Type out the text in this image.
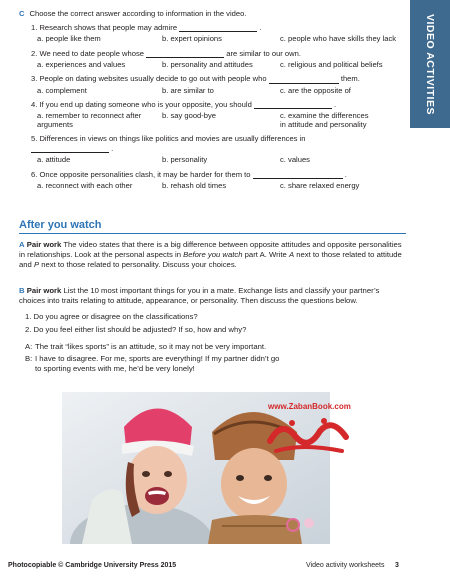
VIDEO ACTIVITIES
C Choose the correct answer according to information in the video.
1. Research shows that people may admire	.
a. people like them	b. expert opinions	c. people who have skills they lack
2. We need to date people whose	are similar to our own.
a. experiences and values	b. personality and attitudes	c. religious and political beliefs
3. People on dating websites usually decide to go out with people who	them.
a. complement	b. are similar to	c. are the opposite of
4. If you end up dating someone who is your opposite, you should	.
a. remember to reconnect after arguments
b. say good-bye	c. examine the differences in attitude and personality
5. Differences in views on things like politics and movies are usually differences in  .
a. attitude	b. personality	c. values
6. Once opposite personalities clash, it may be harder for them to	.
a. reconnect with each other	b. rehash old times	c. share relaxed energy
After you watch
A Pair work The video states that there is a big difference between opposite attitudes and opposite personalities in relationships. Look at the personal aspects in Before you watch part A. Write A next to those related to attitude and P next to those related to personality. Discuss your choices.
B Pair work List the 10 most important things for you in a mate. Exchange lists and classify your partner’s choices into traits relating to attitude, appearance, or personality. Then discuss the questions below.
1. Do you agree or disagree on the classifications?
2. Do you feel either list should be adjusted? If so, how and why?
A: The trait “likes sports” is an attitude, so it may not be very important.
B: I have to disagree. For me, sports are everything! If my partner didn’t go to sporting events with me, he’d be very lonely!
www.ZabanBook.com
Photocopiable © Cambridge University Press 2015	Video activity worksheets 3
